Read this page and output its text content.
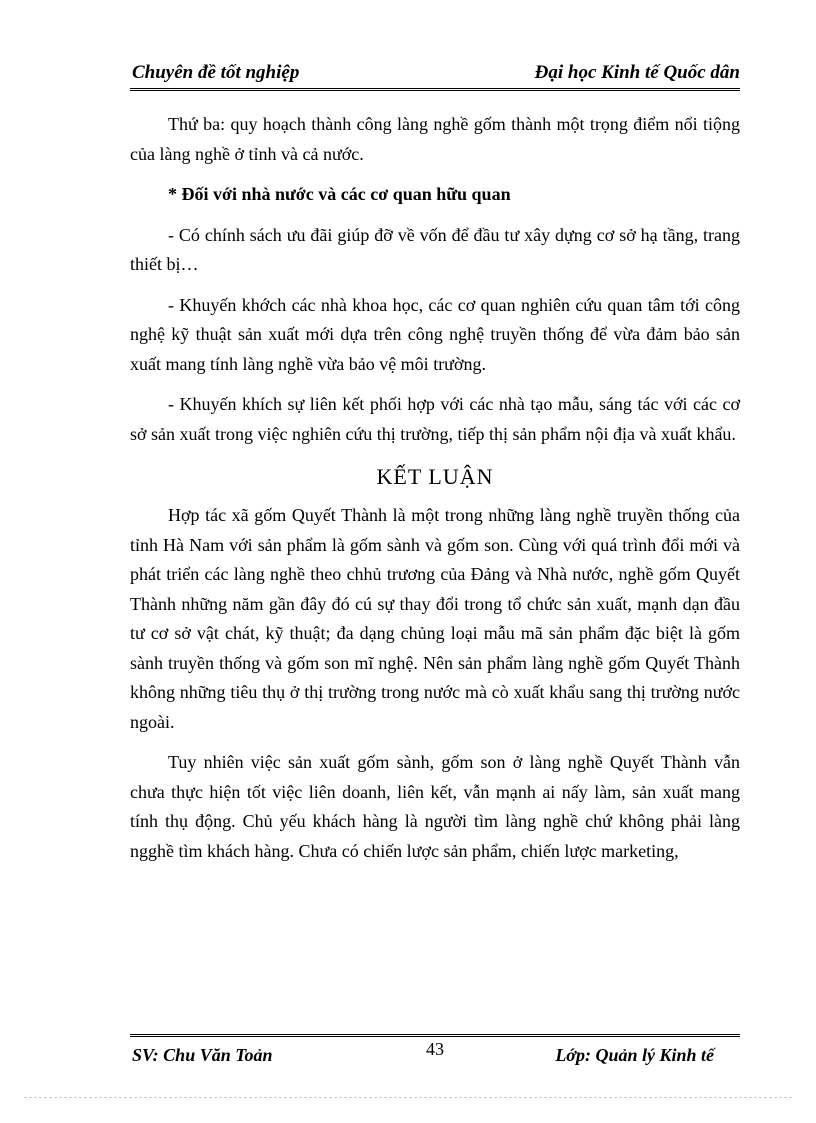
Chuyên đề tốt nghiệp	Đại học Kinh tế Quốc dân

Thứ ba: quy hoạch thành công làng nghề gốm thành một trọng điểm nổi tiộng của làng nghề ở tỉnh và cả nước.

* Đối với nhà nước và các cơ quan hữu quan

- Có chính sách ưu đãi giúp đỡ về vốn để đầu tư xây dựng cơ sở hạ tầng, trang thiết bị…

- Khuyến khớch các nhà khoa học, các cơ quan nghiên cứu quan tâm tới công nghệ kỹ thuật sản xuất mới dựa trên công nghệ truyền thống để vừa đảm bảo sản xuất mang tính làng nghề vừa bảo vệ môi trường.

- Khuyến khích sự liên kết phối hợp với các nhà tạo mẫu, sáng tác với các cơ sở sản xuất trong việc nghiên cứu thị trường, tiếp thị sản phẩm nội địa và xuất khẩu.

KẾT LUẬN

Hợp tác xã gốm Quyết Thành là một trong những làng nghề truyền thống của tỉnh Hà Nam với sản phẩm là gốm sành và gốm son. Cùng với quá trình đổi mới và phát triển các làng nghề theo chhủ trương của Đảng và Nhà nước, nghề gốm Quyết Thành những năm gần đây đó cú sự thay đổi trong tổ chức sản xuất, mạnh dạn đầu tư cơ sở vật chát, kỹ thuật; đa dạng chủng loại mẫu mã sản phẩm đặc biệt là gốm sành truyền thống và gốm son mĩ nghệ. Nên sản phẩm làng nghề gốm Quyết Thành không những tiêu thụ ở thị trường trong nước mà cò xuất khẩu sang thị trường nước ngoài.

Tuy nhiên việc sản xuất gốm sành, gốm son ở làng nghề Quyết Thành vẫn chưa thực hiện tốt việc liên doanh, liên kết, vẫn mạnh ai nấy làm, sản xuất mang tính thụ động. Chủ yếu khách hàng là người tìm làng nghề chứ không phải làng ngghề tìm khách hàng. Chưa có chiến lược sản phẩm, chiến lược marketing,

SV: Chu Văn Toản	43	Lớp: Quản lý Kinh tế
